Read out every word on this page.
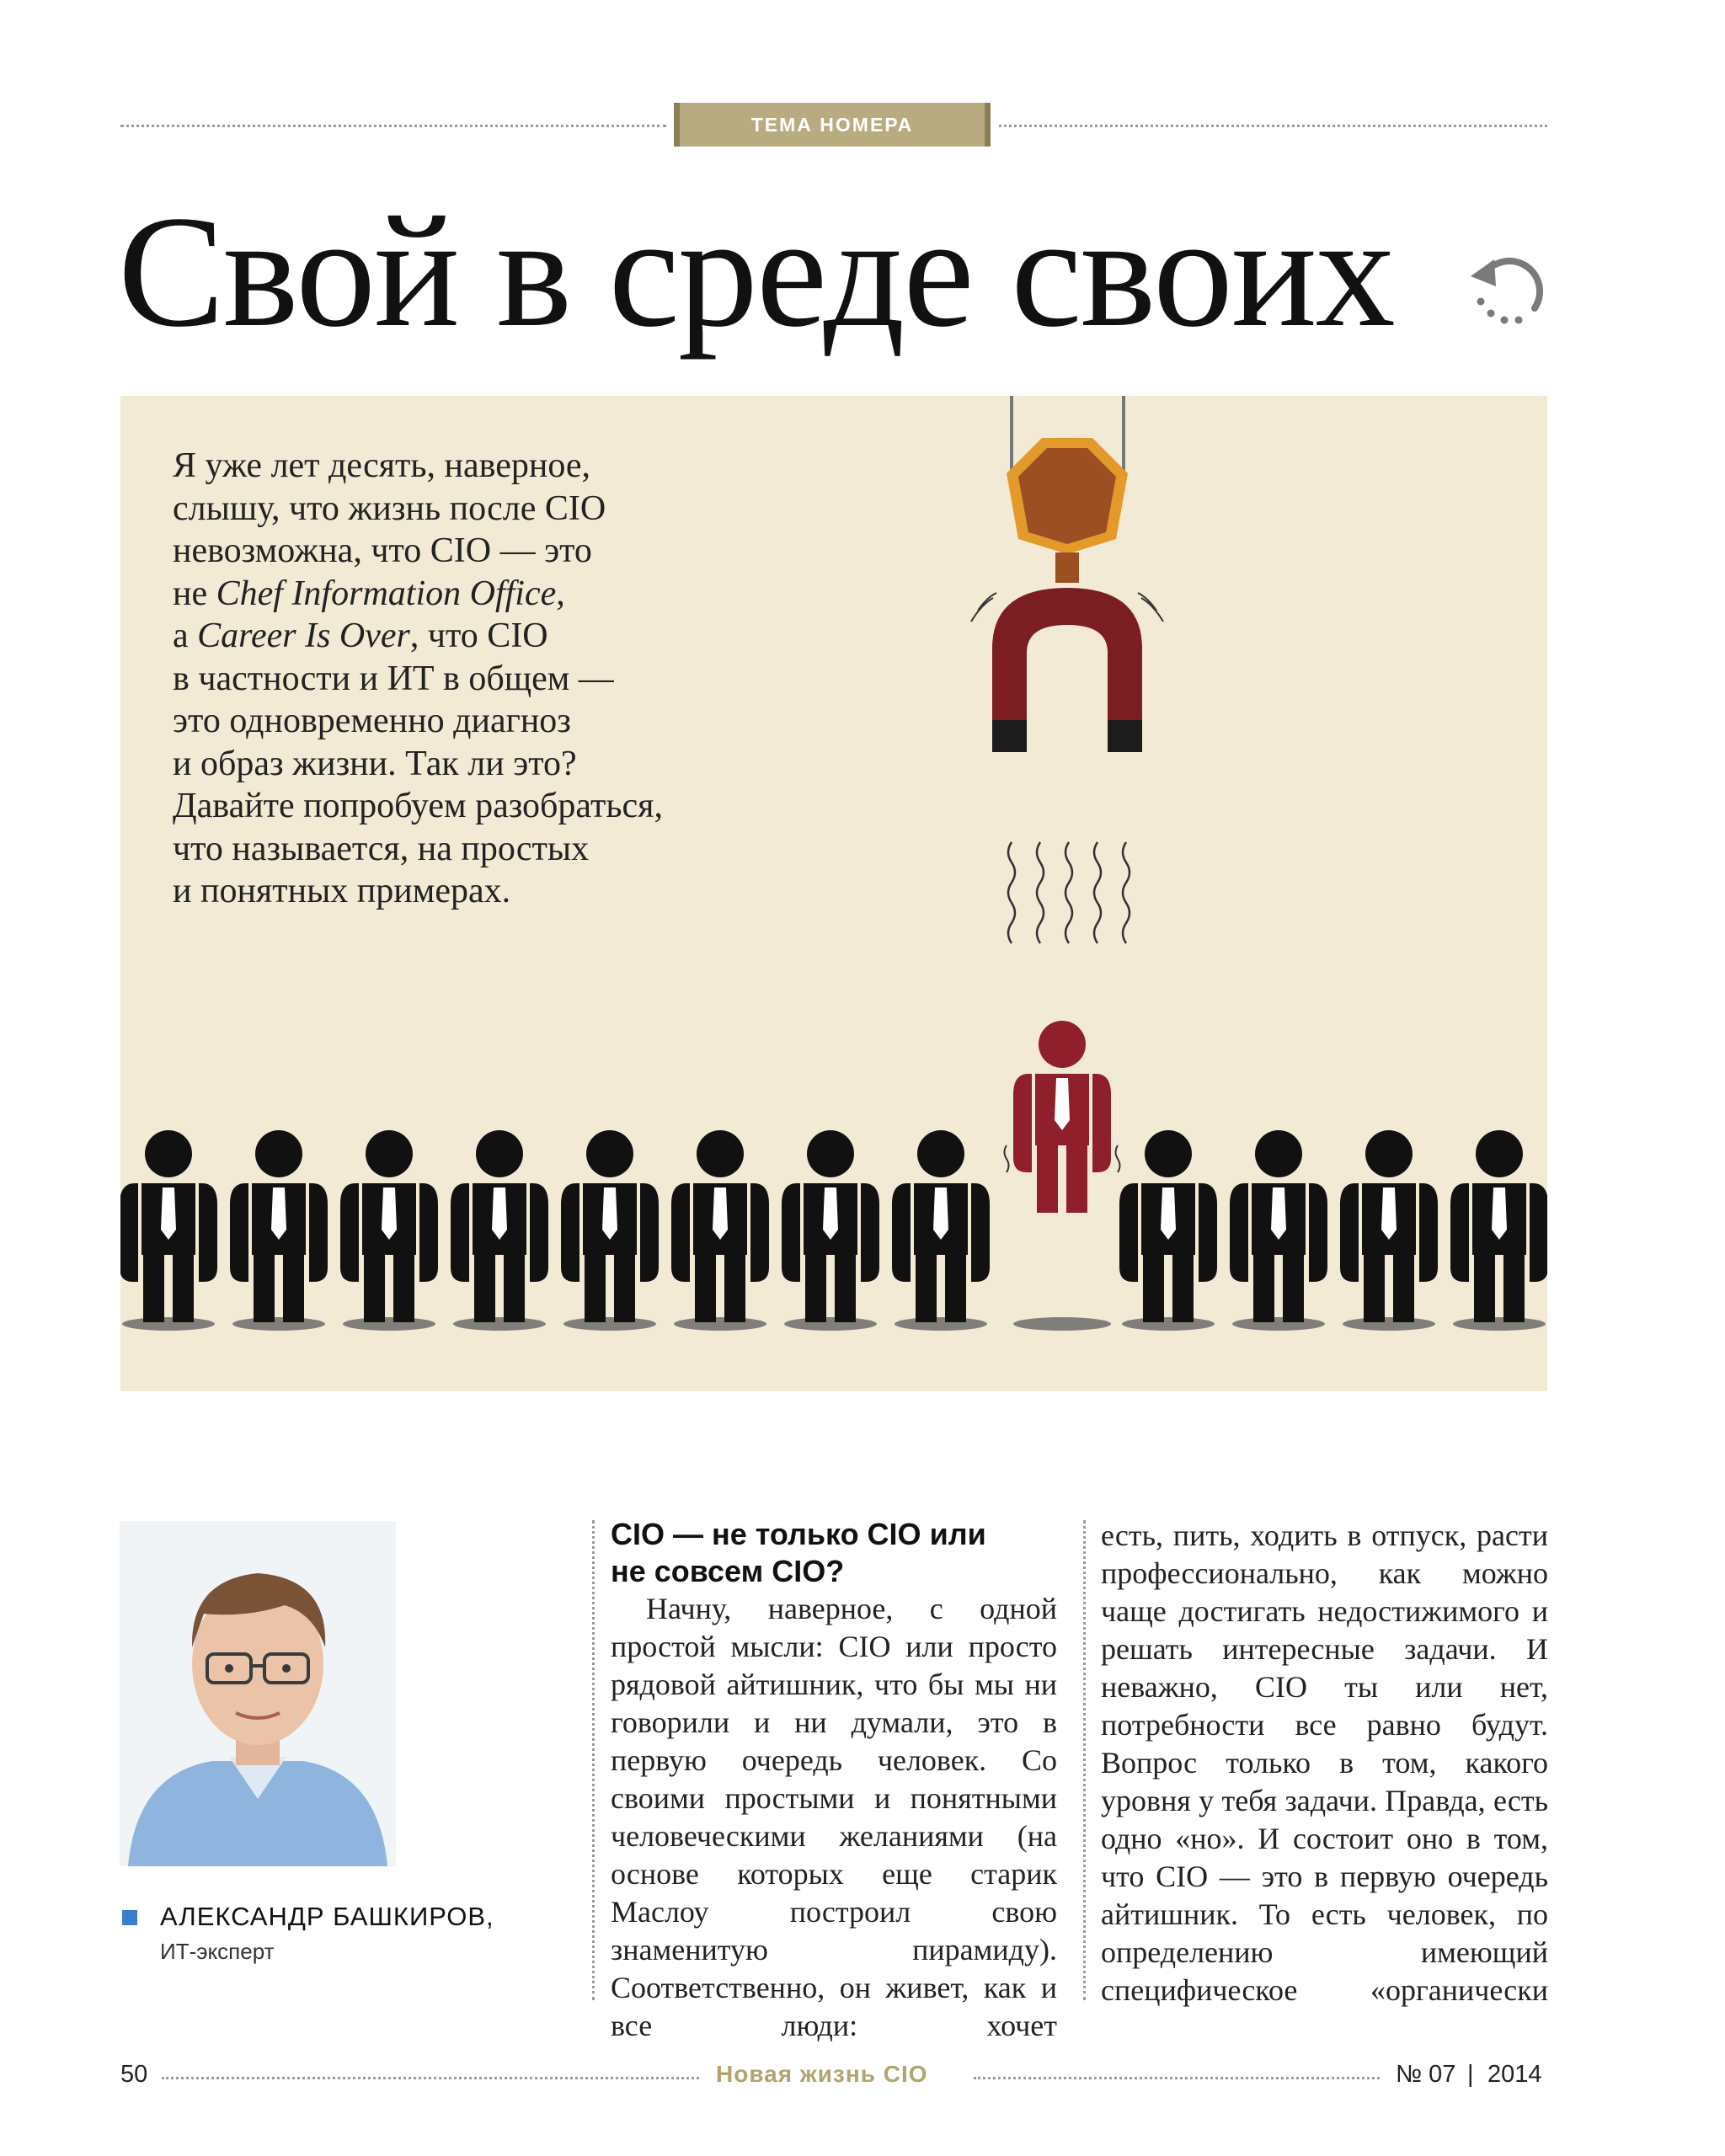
ТЕМА НОМЕРА
Свой в среде своих
Я уже лет десять, наверное,
слышу, что жизнь после CIO
невозможна, что CIO — это
не Chef Information Office,
а Career Is Over, что CIO
в частности и ИТ в общем —
это одновременно диагноз
и образ жизни. Так ли это?
Давайте попробуем разобраться,
что называется, на простых
и понятных примерах.
АЛЕКСАНДР БАШКИРОВ,
ИТ-эксперт

CIO — не только CIO или
не совсем CIO?

Начну, наверное, с одной простой мысли: CIO или просто рядовой айтишник, что бы мы ни говорили и ни думали, это в первую очередь человек. Со своими простыми и понятными человеческими желаниями (на основе которых еще старик Маслоу построил свою знаменитую пирамиду). Соответственно, он живет, как и все люди: хочет

есть, пить, ходить в отпуск, расти профессионально, как можно чаще достигать недостижимого и решать интересные задачи. И неважно, CIO ты или нет, потребности все равно будут. Вопрос только в том, какого уровня у тебя задачи. Правда, есть одно «но». И состоит оно в том, что CIO — это в первую очередь айтишник. То есть человек, по определению имеющий специфическое «органически

50	Новая жизнь CIO	№ 07 | 2014
